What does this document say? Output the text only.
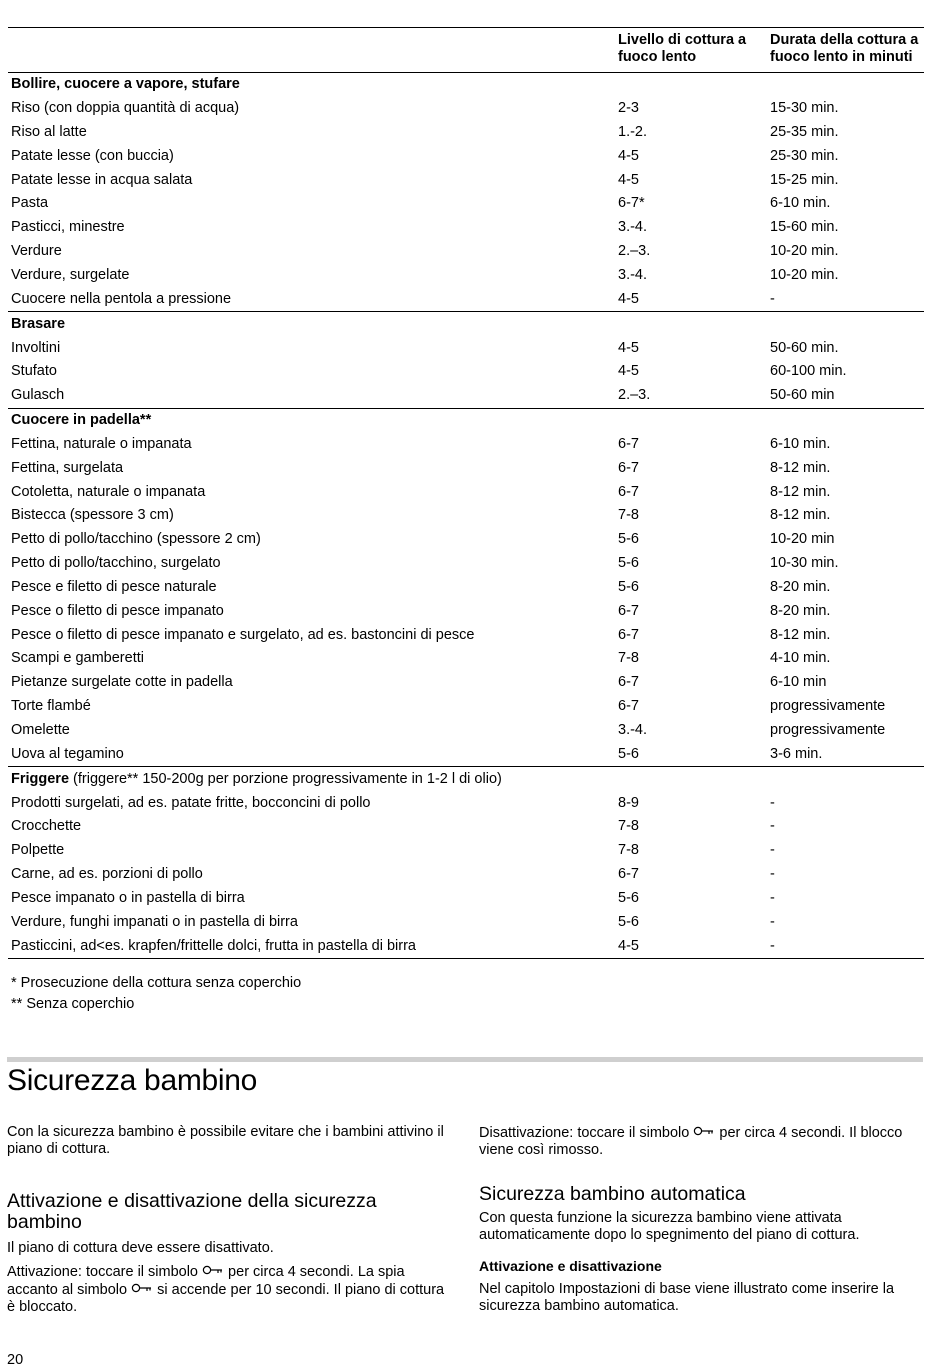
	Livello di cottura a fuoco lento	Durata della cottura a fuoco lento in minuti
Bollire, cuocere a vapore, stufare		
Riso (con doppia quantità di acqua)	2-3	15-30 min.
Riso al latte	1.-2.	25-35 min.
Patate lesse (con buccia)	4-5	25-30 min.
Patate lesse in acqua salata	4-5	15-25 min.
Pasta	6-7*	6-10 min.
Pasticci, minestre	3.-4.	15-60 min.
Verdure	2.–3.	10-20 min.
Verdure, surgelate	3.-4.	10-20 min.
Cuocere nella pentola a pressione	4-5	-
Brasare		
Involtini	4-5	50-60 min.
Stufato	4-5	60-100 min.
Gulasch	2.–3.	50-60 min
Cuocere in padella**		
Fettina, naturale o impanata	6-7	6-10 min.
Fettina, surgelata	6-7	8-12 min.
Cotoletta, naturale o impanata	6-7	8-12 min.
Bistecca (spessore 3 cm)	7-8	8-12 min.
Petto di pollo/tacchino (spessore 2 cm)	5-6	10-20 min
Petto di pollo/tacchino, surgelato	5-6	10-30 min.
Pesce e filetto di pesce naturale	5-6	8-20 min.
Pesce o filetto di pesce impanato	6-7	8-20 min.
Pesce o filetto di pesce impanato e surgelato, ad es. bastoncini di pesce	6-7	8-12 min.
Scampi e gamberetti	7-8	4-10 min.
Pietanze surgelate cotte in padella	6-7	6-10 min
Torte flambé	6-7	progressivamente
Omelette	3.-4.	progressivamente
Uova al tegamino	5-6	3-6 min.
Friggere (friggere** 150-200g per porzione progressivamente in 1-2 l di olio)		
Prodotti surgelati, ad es. patate fritte, bocconcini di pollo	8-9	-
Crocchette	7-8	-
Polpette	7-8	-
Carne, ad es. porzioni di pollo	6-7	-
Pesce impanato o in pastella di birra	5-6	-
Verdure, funghi impanati o in pastella di birra	5-6	-
Pasticcini, ad<es. krapfen/frittelle dolci, frutta in pastella di birra	4-5	-
* Prosecuzione della cottura senza coperchio
** Senza coperchio
Sicurezza bambino

Con la sicurezza bambino è possibile evitare che i bambini attivino il piano di cottura.

Attivazione e disattivazione della sicurezza bambino

Il piano di cottura deve essere disattivato.

Attivazione: toccare il simbolo  per circa 4 secondi. La spia accanto al simbolo  si accende per 10 secondi. Il piano di cottura è bloccato.

Disattivazione: toccare il simbolo  per circa 4 secondi. Il blocco viene così rimosso.

Sicurezza bambino automatica

Con questa funzione la sicurezza bambino viene attivata automaticamente dopo lo spegnimento del piano di cottura.

Attivazione e disattivazione

Nel capitolo Impostazioni di base viene illustrato come inserire la sicurezza bambino automatica.

20
